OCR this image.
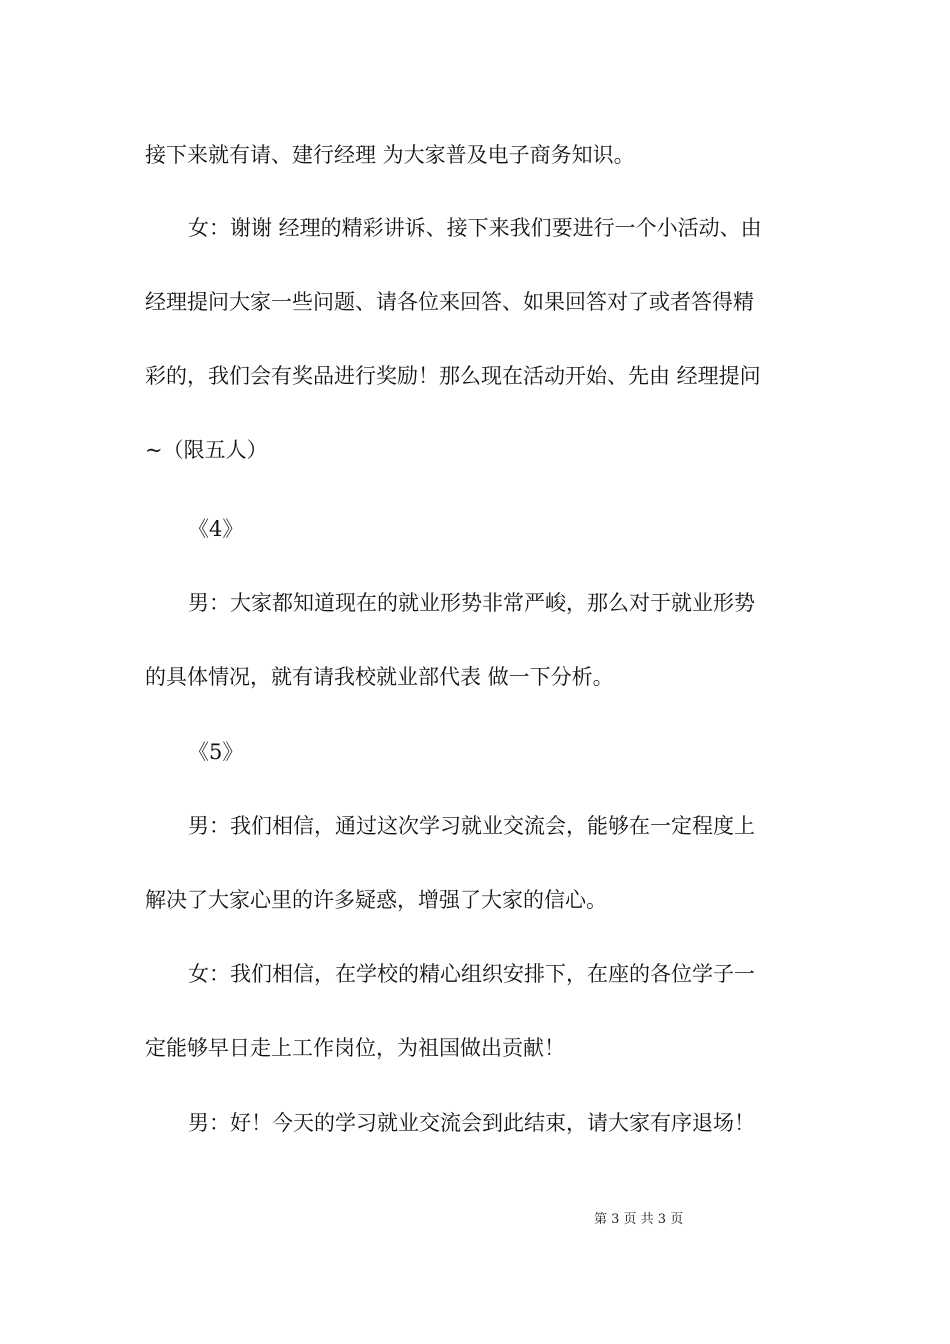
接下来就有请、建行经理 为大家普及电子商务知识。
女：谢谢 经理的精彩讲诉、接下来我们要进行一个小活动、由
经理提问大家一些问题、请各位来回答、如果回答对了或者答得精
彩的，我们会有奖品进行奖励！那么现在活动开始、先由 经理提问
~（限五人）
《4》
男：大家都知道现在的就业形势非常严峻，那么对于就业形势
的具体情况，就有请我校就业部代表 做一下分析。
《5》
男：我们相信，通过这次学习就业交流会，能够在一定程度上
解决了大家心里的许多疑惑，增强了大家的信心。
女：我们相信，在学校的精心组织安排下，在座的各位学子一
定能够早日走上工作岗位，为祖国做出贡献！
男：好！今天的学习就业交流会到此结束，请大家有序退场！
第 3 页 共 3 页
